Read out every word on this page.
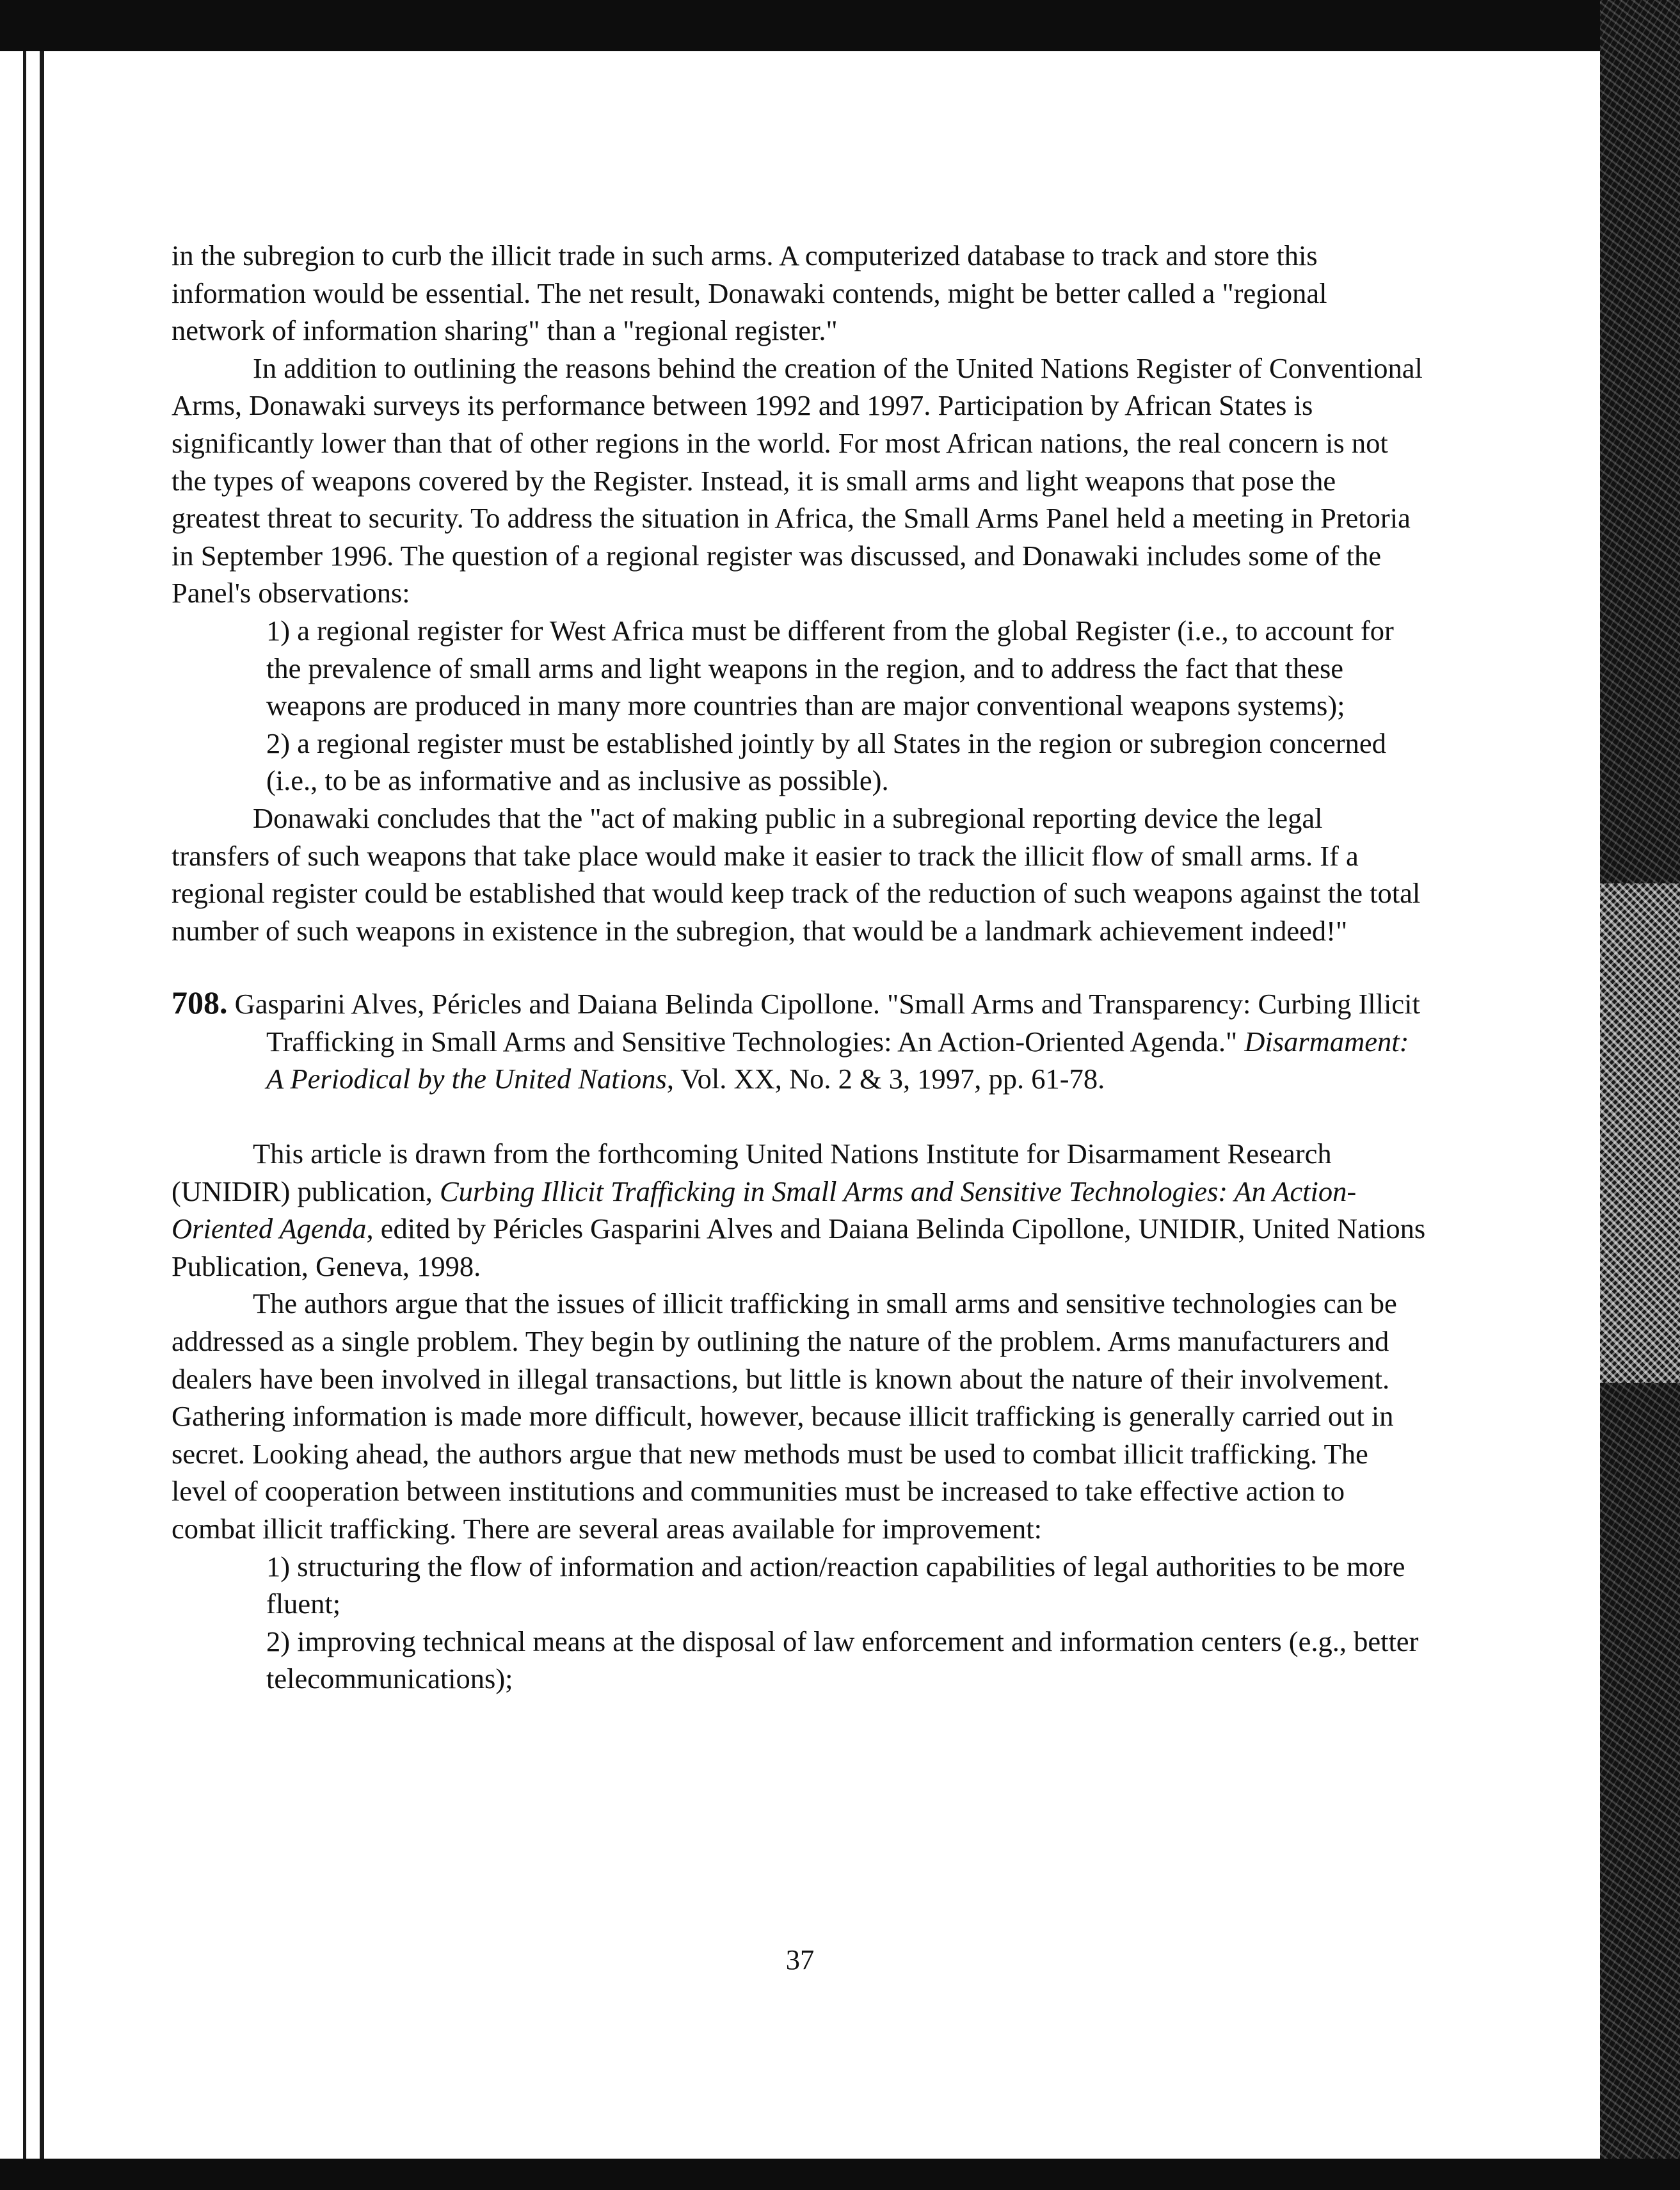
in the subregion to curb the illicit trade in such arms. A computerized database to track and store this information would be essential. The net result, Donawaki contends, might be better called a "regional network of information sharing" than a "regional register."

In addition to outlining the reasons behind the creation of the United Nations Register of Conventional Arms, Donawaki surveys its performance between 1992 and 1997. Participation by African States is significantly lower than that of other regions in the world. For most African nations, the real concern is not the types of weapons covered by the Register. Instead, it is small arms and light weapons that pose the greatest threat to security. To address the situation in Africa, the Small Arms Panel held a meeting in Pretoria in September 1996. The question of a regional register was discussed, and Donawaki includes some of the Panel's observations:

1) a regional register for West Africa must be different from the global Register (i.e., to account for the prevalence of small arms and light weapons in the region, and to address the fact that these weapons are produced in many more countries than are major conventional weapons systems);

2) a regional register must be established jointly by all States in the region or subregion concerned (i.e., to be as informative and as inclusive as possible).

Donawaki concludes that the "act of making public in a subregional reporting device the legal transfers of such weapons that take place would make it easier to track the illicit flow of small arms. If a regional register could be established that would keep track of the reduction of such weapons against the total number of such weapons in existence in the subregion, that would be a landmark achievement indeed!"

708. Gasparini Alves, Péricles and Daiana Belinda Cipollone. "Small Arms and Transparency: Curbing Illicit Trafficking in Small Arms and Sensitive Technologies: An Action-Oriented Agenda." Disarmament: A Periodical by the United Nations, Vol. XX, No. 2 & 3, 1997, pp. 61-78.

This article is drawn from the forthcoming United Nations Institute for Disarmament Research (UNIDIR) publication, Curbing Illicit Trafficking in Small Arms and Sensitive Technologies: An Action-Oriented Agenda, edited by Péricles Gasparini Alves and Daiana Belinda Cipollone, UNIDIR, United Nations Publication, Geneva, 1998.

The authors argue that the issues of illicit trafficking in small arms and sensitive technologies can be addressed as a single problem. They begin by outlining the nature of the problem. Arms manufacturers and dealers have been involved in illegal transactions, but little is known about the nature of their involvement. Gathering information is made more difficult, however, because illicit trafficking is generally carried out in secret. Looking ahead, the authors argue that new methods must be used to combat illicit trafficking. The level of cooperation between institutions and communities must be increased to take effective action to combat illicit trafficking. There are several areas available for improvement:

1) structuring the flow of information and action/reaction capabilities of legal authorities to be more fluent;

2) improving technical means at the disposal of law enforcement and information centers (e.g., better telecommunications);

37
